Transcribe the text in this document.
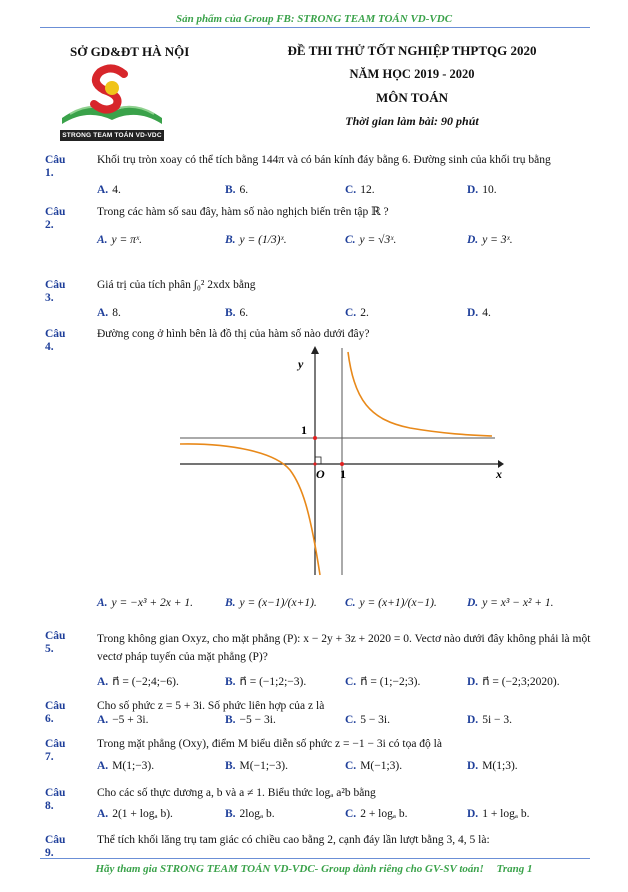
Sản phẩm của Group FB: STRONG TEAM TOÁN VD-VDC
SỞ GD&ĐT HÀ NỘI	ĐỀ THI THỬ TỐT NGHIỆP THPTQG 2020
NĂM HỌC 2019 - 2020
MÔN TOÁN
Thời gian làm bài: 90 phút
STRONG TEAM TOÁN VD-VDC
Câu 1.
Khối trụ tròn xoay có thể tích bằng 144π và có bán kính đáy bằng 6. Đường sinh của khối trụ bằng
A. 4.	B. 6.	C. 12.	D. 10.
Câu 2.
Trong các hàm số sau đây, hàm số nào nghịch biến trên tập ℝ ?
A. y = πˣ.	B. y = (1/3)ˣ.	C. y = √3ˣ.	D. y = 3ˣ.
Câu 3.
Giá trị của tích phân ∫₀² 2xdx bằng
A. 8.	B. 6.	C. 2.	D. 4.
Câu 4.
Đường cong ở hình bên là đồ thị của hàm số nào dưới đây?
y
x
O 1
1
A. y = −x³ + 2x + 1.	B. y = (x−1)/(x+1). C. y = (x+1)/(x−1).	D. y = x³ − x² + 1.
Câu 5.
Trong không gian Oxyz, cho mặt phẳng (P): x − 2y + 3z + 2020 = 0. Vectơ nào dưới đây không phải là một vectơ pháp tuyến của mặt phẳng (P)?
A. n⃗ = (−2;4;−6).	B. n⃗ = (−1;2;−3).	C. n⃗ = (1;−2;3).	D. n⃗ = (−2;3;2020).
Câu 6.
Cho số phức z = 5 + 3i. Số phức liên hợp của z là
A. −5 + 3i.	B. −5 − 3i.	C. 5 − 3i.	D. 5i − 3.
Câu 7.
Trong mặt phẳng (Oxy), điểm M biểu diễn số phức z = −1 − 3i có tọa độ là
A. M(1;−3).	B. M(−1;−3).	C. M(−1;3).	D. M(1;3).
Câu 8.
Cho các số thực dương a, b và a ≠ 1. Biểu thức logₐ a²b bằng
A. 2(1 + logₐ b).	B. 2logₐ b.	C. 2 + logₐ b.	D. 1 + logₐ b.
Câu 9.
Thể tích khối lăng trụ tam giác có chiều cao bằng 2, cạnh đáy lần lượt bằng 3, 4, 5 là:
Hãy tham gia STRONG TEAM TOÁN VD-VDC- Group dành riêng cho GV-SV toán! Trang 1
